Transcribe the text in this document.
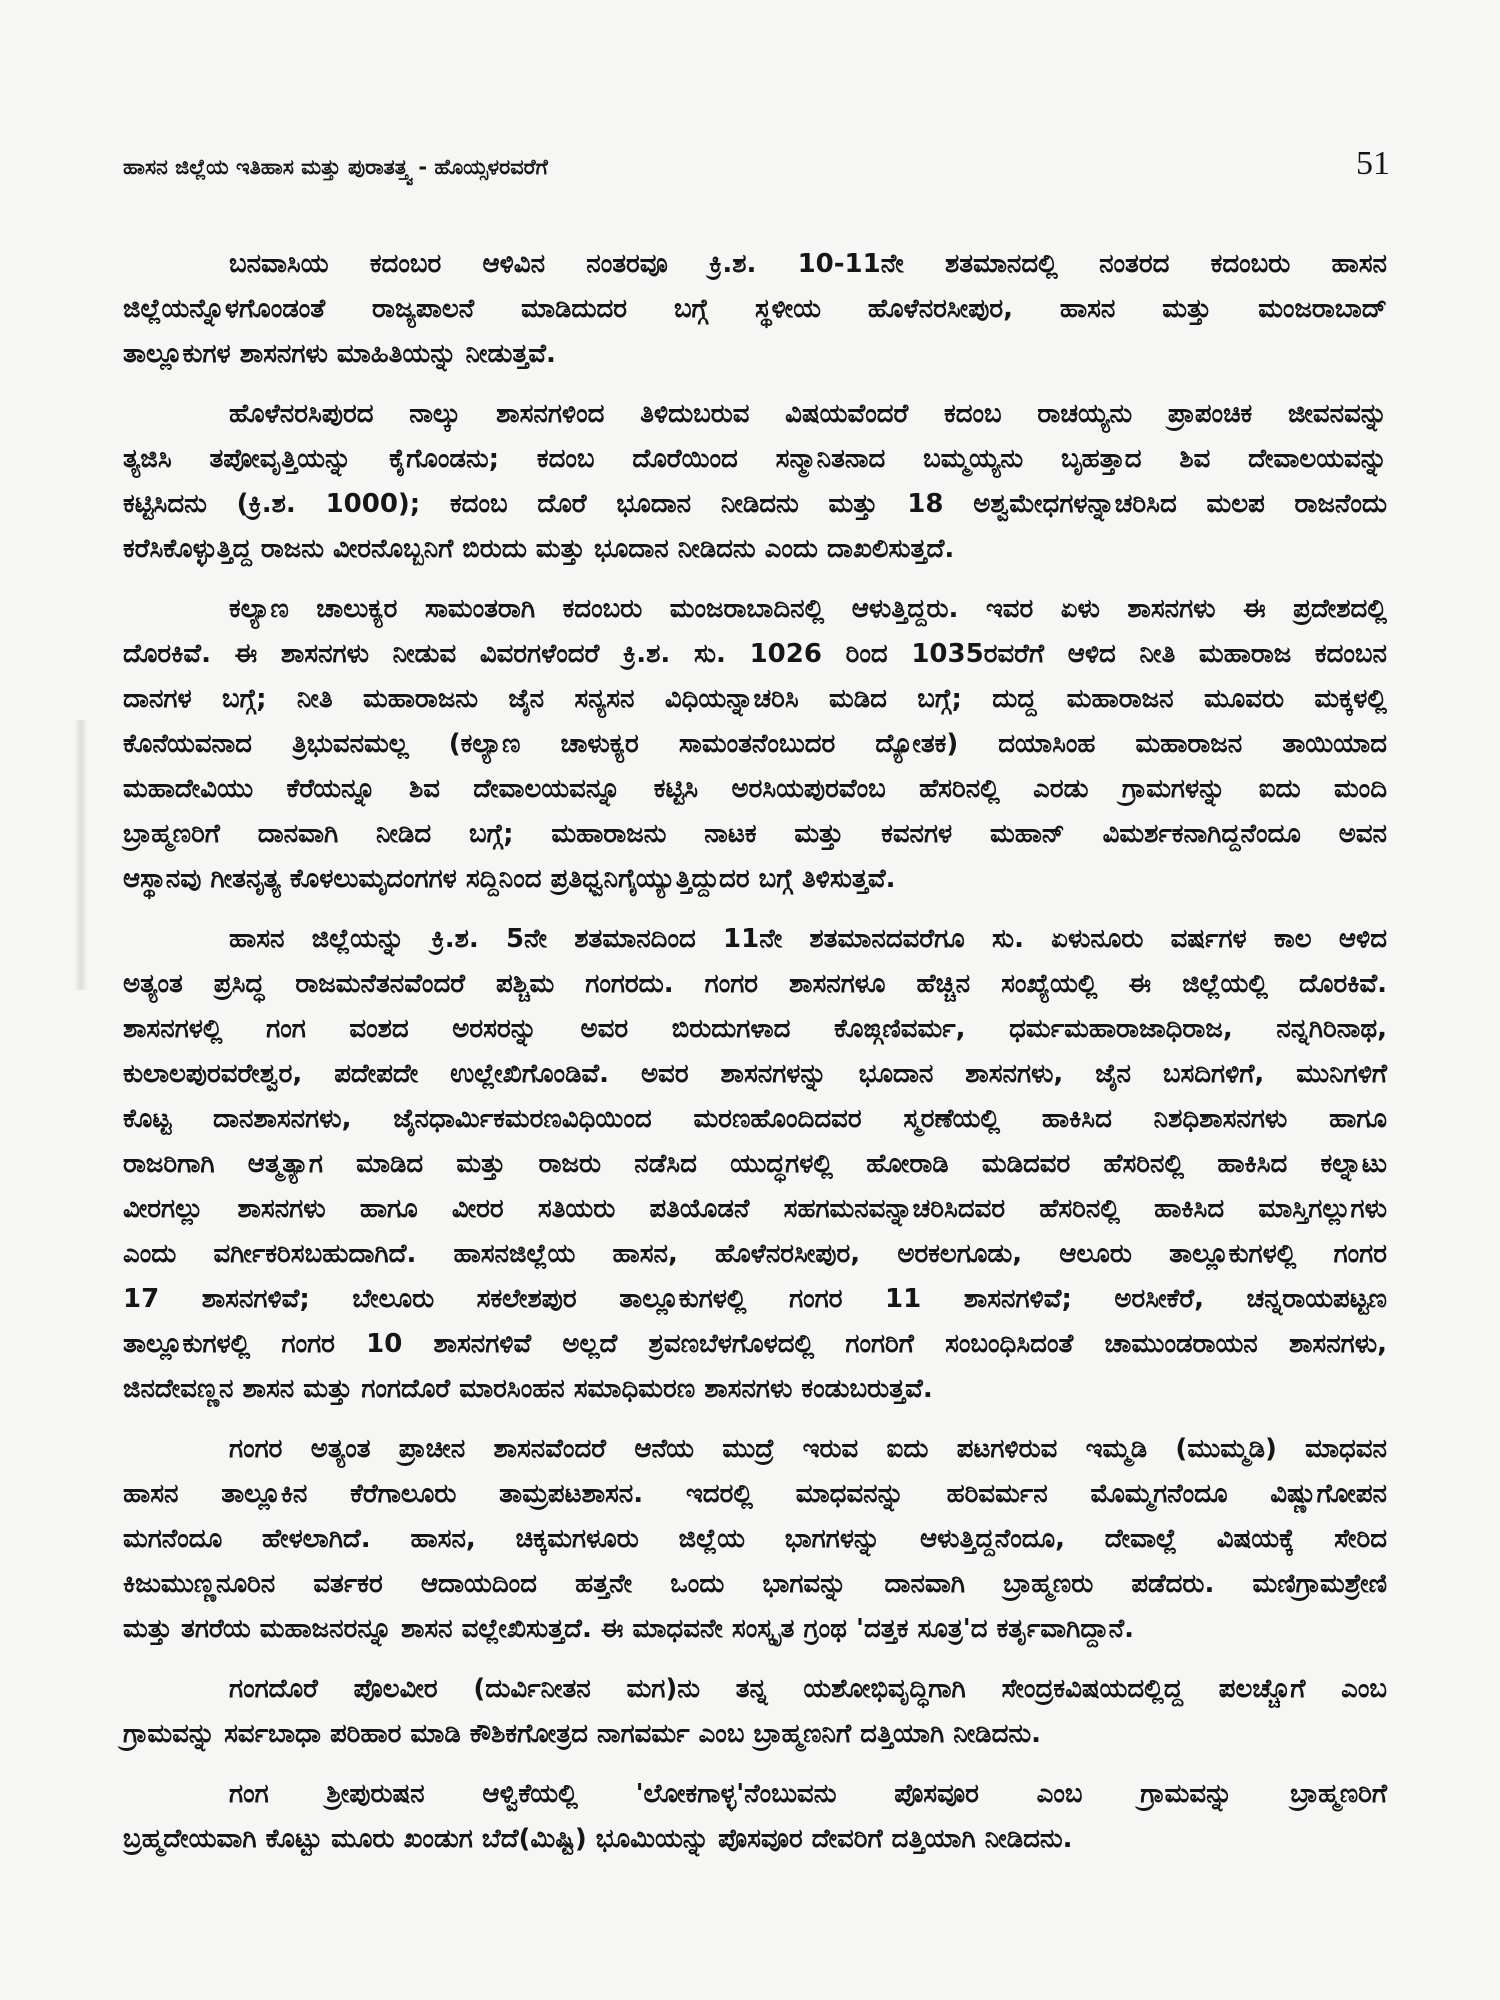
ಹಾಸನ ಜಿಲ್ಲೆಯ ಇತಿಹಾಸ ಮತ್ತು ಪುರಾತತ್ತ್ವ - ಹೊಯ್ಸಳರವರೆಗೆ	51
ಬನವಾಸಿಯ ಕದಂಬರ ಆಳಿವಿನ ನಂತರವೂ ಕ್ರಿ.ಶ. 10-11ನೇ ಶತಮಾನದಲ್ಲಿ ನಂತರದ ಕದಂಬರು ಹಾಸನ
ಜಿಲ್ಲೆಯನ್ನೊಳಗೊಂಡಂತೆ ರಾಜ್ಯಪಾಲನೆ ಮಾಡಿದುದರ ಬಗ್ಗೆ ಸ್ಥಳೀಯ ಹೊಳೆನರಸೀಪುರ, ಹಾಸನ ಮತ್ತು ಮಂಜರಾಬಾದ್
ತಾಲ್ಲೂಕುಗಳ ಶಾಸನಗಳು ಮಾಹಿತಿಯನ್ನು ನೀಡುತ್ತವೆ.
ಹೊಳೆನರಸಿಪುರದ ನಾಲ್ಕು ಶಾಸನಗಳಿಂದ ತಿಳಿದುಬರುವ ವಿಷಯವೆಂದರೆ ಕದಂಬ ರಾಚಯ್ಯನು ಪ್ರಾಪಂಚಿಕ ಜೀವನವನ್ನು
ತ್ಯಜಿಸಿ ತಪೋವೃತ್ತಿಯನ್ನು ಕೈಗೊಂಡನು; ಕದಂಬ ದೊರೆಯಿಂದ ಸನ್ಮಾನಿತನಾದ ಬಮ್ಮಯ್ಯನು ಬೃಹತ್ತಾದ ಶಿವ ದೇವಾಲಯವನ್ನು
ಕಟ್ಟಿಸಿದನು (ಕ್ರಿ.ಶ. 1000); ಕದಂಬ ದೊರೆ ಭೂದಾನ ನೀಡಿದನು ಮತ್ತು 18 ಅಶ್ವಮೇಧಗಳನ್ನಾಚರಿಸಿದ ಮಲಪ ರಾಜನೆಂದು
ಕರೆಸಿಕೊಳ್ಳುತ್ತಿದ್ದ ರಾಜನು ವೀರನೊಬ್ಬನಿಗೆ ಬಿರುದು ಮತ್ತು ಭೂದಾನ ನೀಡಿದನು ಎಂದು ದಾಖಲಿಸುತ್ತದೆ.
ಕಲ್ಯಾಣ ಚಾಲುಕ್ಯರ ಸಾಮಂತರಾಗಿ ಕದಂಬರು ಮಂಜರಾಬಾದಿನಲ್ಲಿ ಆಳುತ್ತಿದ್ದರು. ಇವರ ಏಳು ಶಾಸನಗಳು ಈ ಪ್ರದೇಶದಲ್ಲಿ
ದೊರಕಿವೆ. ಈ ಶಾಸನಗಳು ನೀಡುವ ವಿವರಗಳೆಂದರೆ ಕ್ರಿ.ಶ. ಸು. 1026 ರಿಂದ 1035ರವರೆಗೆ ಆಳಿದ ನೀತಿ ಮಹಾರಾಜ ಕದಂಬನ
ದಾನಗಳ ಬಗ್ಗೆ; ನೀತಿ ಮಹಾರಾಜನು ಜೈನ ಸನ್ಯಸನ ವಿಧಿಯನ್ನಾಚರಿಸಿ ಮಡಿದ ಬಗ್ಗೆ; ದುದ್ದ ಮಹಾರಾಜನ ಮೂವರು ಮಕ್ಕಳಲ್ಲಿ
ಕೊನೆಯವನಾದ ತ್ರಿಭುವನಮಲ್ಲ (ಕಲ್ಯಾಣ ಚಾಳುಕ್ಯರ ಸಾಮಂತನೆಂಬುದರ ದ್ಯೋತಕ) ದಯಾಸಿಂಹ ಮಹಾರಾಜನ ತಾಯಿಯಾದ
ಮಹಾದೇವಿಯು ಕೆರೆಯನ್ನೂ ಶಿವ ದೇವಾಲಯವನ್ನೂ ಕಟ್ಟಿಸಿ ಅರಸಿಯಪುರವೆಂಬ ಹೆಸರಿನಲ್ಲಿ ಎರಡು ಗ್ರಾಮಗಳನ್ನು ಐದು ಮಂದಿ
ಬ್ರಾಹ್ಮಣರಿಗೆ ದಾನವಾಗಿ ನೀಡಿದ ಬಗ್ಗೆ; ಮಹಾರಾಜನು ನಾಟಕ ಮತ್ತು ಕವನಗಳ ಮಹಾನ್ ವಿಮರ್ಶಕನಾಗಿದ್ದನೆಂದೂ ಅವನ
ಆಸ್ಥಾನವು ಗೀತನೃತ್ಯ ಕೊಳಲುಮೃದಂಗಗಳ ಸದ್ದಿನಿಂದ ಪ್ರತಿಧ್ವನಿಗೈಯ್ಯುತ್ತಿದ್ದುದರ ಬಗ್ಗೆ ತಿಳಿಸುತ್ತವೆ.
ಹಾಸನ ಜಿಲ್ಲೆಯನ್ನು ಕ್ರಿ.ಶ. 5ನೇ ಶತಮಾನದಿಂದ 11ನೇ ಶತಮಾನದವರೆಗೂ ಸು. ಏಳುನೂರು ವರ್ಷಗಳ ಕಾಲ ಆಳಿದ
ಅತ್ಯಂತ ಪ್ರಸಿದ್ಧ ರಾಜಮನೆತನವೆಂದರೆ ಪಶ್ಚಿಮ ಗಂಗರದು. ಗಂಗರ ಶಾಸನಗಳೂ ಹೆಚ್ಚಿನ ಸಂಖ್ಯೆಯಲ್ಲಿ ಈ ಜಿಲ್ಲೆಯಲ್ಲಿ ದೊರಕಿವೆ.
ಶಾಸನಗಳಲ್ಲಿ ಗಂಗ ವಂಶದ ಅರಸರನ್ನು ಅವರ ಬಿರುದುಗಳಾದ ಕೊಙ್ಗಣಿವರ್ಮ, ಧರ್ಮಮಹಾರಾಜಾಧಿರಾಜ, ನನ್ನಗಿರಿನಾಥ,
ಕುಲಾಲಪುರವರೇಶ್ವರ, ಪದೇಪದೇ ಉಲ್ಲೇಖಿಗೊಂಡಿವೆ. ಅವರ ಶಾಸನಗಳನ್ನು ಭೂದಾನ ಶಾಸನಗಳು, ಜೈನ ಬಸದಿಗಳಿಗೆ, ಮುನಿಗಳಿಗೆ
ಕೊಟ್ಟ ದಾನಶಾಸನಗಳು, ಜೈನಧಾರ್ಮಿಕಮರಣವಿಧಿಯಿಂದ ಮರಣಹೊಂದಿದವರ ಸ್ಮರಣೆಯಲ್ಲಿ ಹಾಕಿಸಿದ ನಿಶಧಿಶಾಸನಗಳು ಹಾಗೂ
ರಾಜರಿಗಾಗಿ ಆತ್ಮತ್ಯಾಗ ಮಾಡಿದ ಮತ್ತು ರಾಜರು ನಡೆಸಿದ ಯುದ್ಧಗಳಲ್ಲಿ ಹೋರಾಡಿ ಮಡಿದವರ ಹೆಸರಿನಲ್ಲಿ ಹಾಕಿಸಿದ ಕಲ್ನಾಟು
ವೀರಗಲ್ಲು ಶಾಸನಗಳು ಹಾಗೂ ವೀರರ ಸತಿಯರು ಪತಿಯೊಡನೆ ಸಹಗಮನವನ್ನಾಚರಿಸಿದವರ ಹೆಸರಿನಲ್ಲಿ ಹಾಕಿಸಿದ ಮಾಸ್ತಿಗಲ್ಲುಗಳು
ಎಂದು ವರ್ಗೀಕರಿಸಬಹುದಾಗಿದೆ. ಹಾಸನಜಿಲ್ಲೆಯ ಹಾಸನ, ಹೊಳೆನರಸೀಪುರ, ಅರಕಲಗೂಡು, ಆಲೂರು ತಾಲ್ಲೂಕುಗಳಲ್ಲಿ ಗಂಗರ
17 ಶಾಸನಗಳಿವೆ; ಬೇಲೂರು ಸಕಲೇಶಪುರ ತಾಲ್ಲೂಕುಗಳಲ್ಲಿ ಗಂಗರ 11 ಶಾಸನಗಳಿವೆ; ಅರಸೀಕೆರೆ, ಚನ್ನರಾಯಪಟ್ಟಣ
ತಾಲ್ಲೂಕುಗಳಲ್ಲಿ ಗಂಗರ 10 ಶಾಸನಗಳಿವೆ ಅಲ್ಲದೆ ಶ್ರವಣಬೆಳಗೊಳದಲ್ಲಿ ಗಂಗರಿಗೆ ಸಂಬಂಧಿಸಿದಂತೆ ಚಾಮುಂಡರಾಯನ ಶಾಸನಗಳು,
ಜಿನದೇವಣ್ಣನ ಶಾಸನ ಮತ್ತು ಗಂಗದೊರೆ ಮಾರಸಿಂಹನ ಸಮಾಧಿಮರಣ ಶಾಸನಗಳು ಕಂಡುಬರುತ್ತವೆ.
ಗಂಗರ ಅತ್ಯಂತ ಪ್ರಾಚೀನ ಶಾಸನವೆಂದರೆ ಆನೆಯ ಮುದ್ರೆ ಇರುವ ಐದು ಪಟಗಳಿರುವ ಇಮ್ಮಡಿ (ಮುಮ್ಮಡಿ) ಮಾಧವನ
ಹಾಸನ ತಾಲ್ಲೂಕಿನ ಕೆರೆಗಾಲೂರು ತಾಮ್ರಪಟಶಾಸನ. ಇದರಲ್ಲಿ ಮಾಧವನನ್ನು ಹರಿವರ್ಮನ ಮೊಮ್ಮಗನೆಂದೂ ವಿಷ್ಣುಗೋಪನ
ಮಗನೆಂದೂ ಹೇಳಲಾಗಿದೆ. ಹಾಸನ, ಚಿಕ್ಕಮಗಳೂರು ಜಿಲ್ಲೆಯ ಭಾಗಗಳನ್ನು ಆಳುತ್ತಿದ್ದನೆಂದೂ, ದೇವಾಲ್ಲೆ ವಿಷಯಕ್ಕೆ ಸೇರಿದ
ಕಿಜುಮುಣ್ಣನೂರಿನ ವರ್ತಕರ ಆದಾಯದಿಂದ ಹತ್ತನೇ ಒಂದು ಭಾಗವನ್ನು ದಾನವಾಗಿ ಬ್ರಾಹ್ಮಣರು ಪಡೆದರು. ಮಣಿಗ್ರಾಮಶ್ರೇಣಿ
ಮತ್ತು ತಗರೆಯ ಮಹಾಜನರನ್ನೂ ಶಾಸನ ವಲ್ಲೇಖಿಸುತ್ತದೆ. ಈ ಮಾಧವನೇ ಸಂಸ್ಕೃತ ಗ್ರಂಥ 'ದತ್ತಕ ಸೂತ್ರ'ದ ಕರ್ತೃವಾಗಿದ್ದಾನೆ.
ಗಂಗದೊರೆ ಪೊಲವೀರ (ದುರ್ವಿನೀತನ ಮಗ)ನು ತನ್ನ ಯಶೋಭಿವೃದ್ಧಿಗಾಗಿ ಸೇಂದ್ರಕವಿಷಯದಲ್ಲಿದ್ದ ಪಲಚ್ಚೊಗೆ ಎಂಬ
ಗ್ರಾಮವನ್ನು ಸರ್ವಬಾಧಾ ಪರಿಹಾರ ಮಾಡಿ ಕೌಶಿಕಗೋತ್ರದ ನಾಗವರ್ಮ ಎಂಬ ಬ್ರಾಹ್ಮಣನಿಗೆ ದತ್ತಿಯಾಗಿ ನೀಡಿದನು.
ಗಂಗ ಶ್ರೀಪುರುಷನ ಆಳ್ವಿಕೆಯಲ್ಲಿ 'ಲೋಕಗಾಳ್ಳ'ನೆಂಬುವನು ಪೊಸವೂರ ಎಂಬ ಗ್ರಾಮವನ್ನು ಬ್ರಾಹ್ಮಣರಿಗೆ
ಬ್ರಹ್ಮದೇಯವಾಗಿ ಕೊಟ್ಟು ಮೂರು ಖಂಡುಗ ಬೆದೆ(ಮಿಷ್ಟಿ) ಭೂಮಿಯನ್ನು ಪೊಸವೂರ ದೇವರಿಗೆ ದತ್ತಿಯಾಗಿ ನೀಡಿದನು.
